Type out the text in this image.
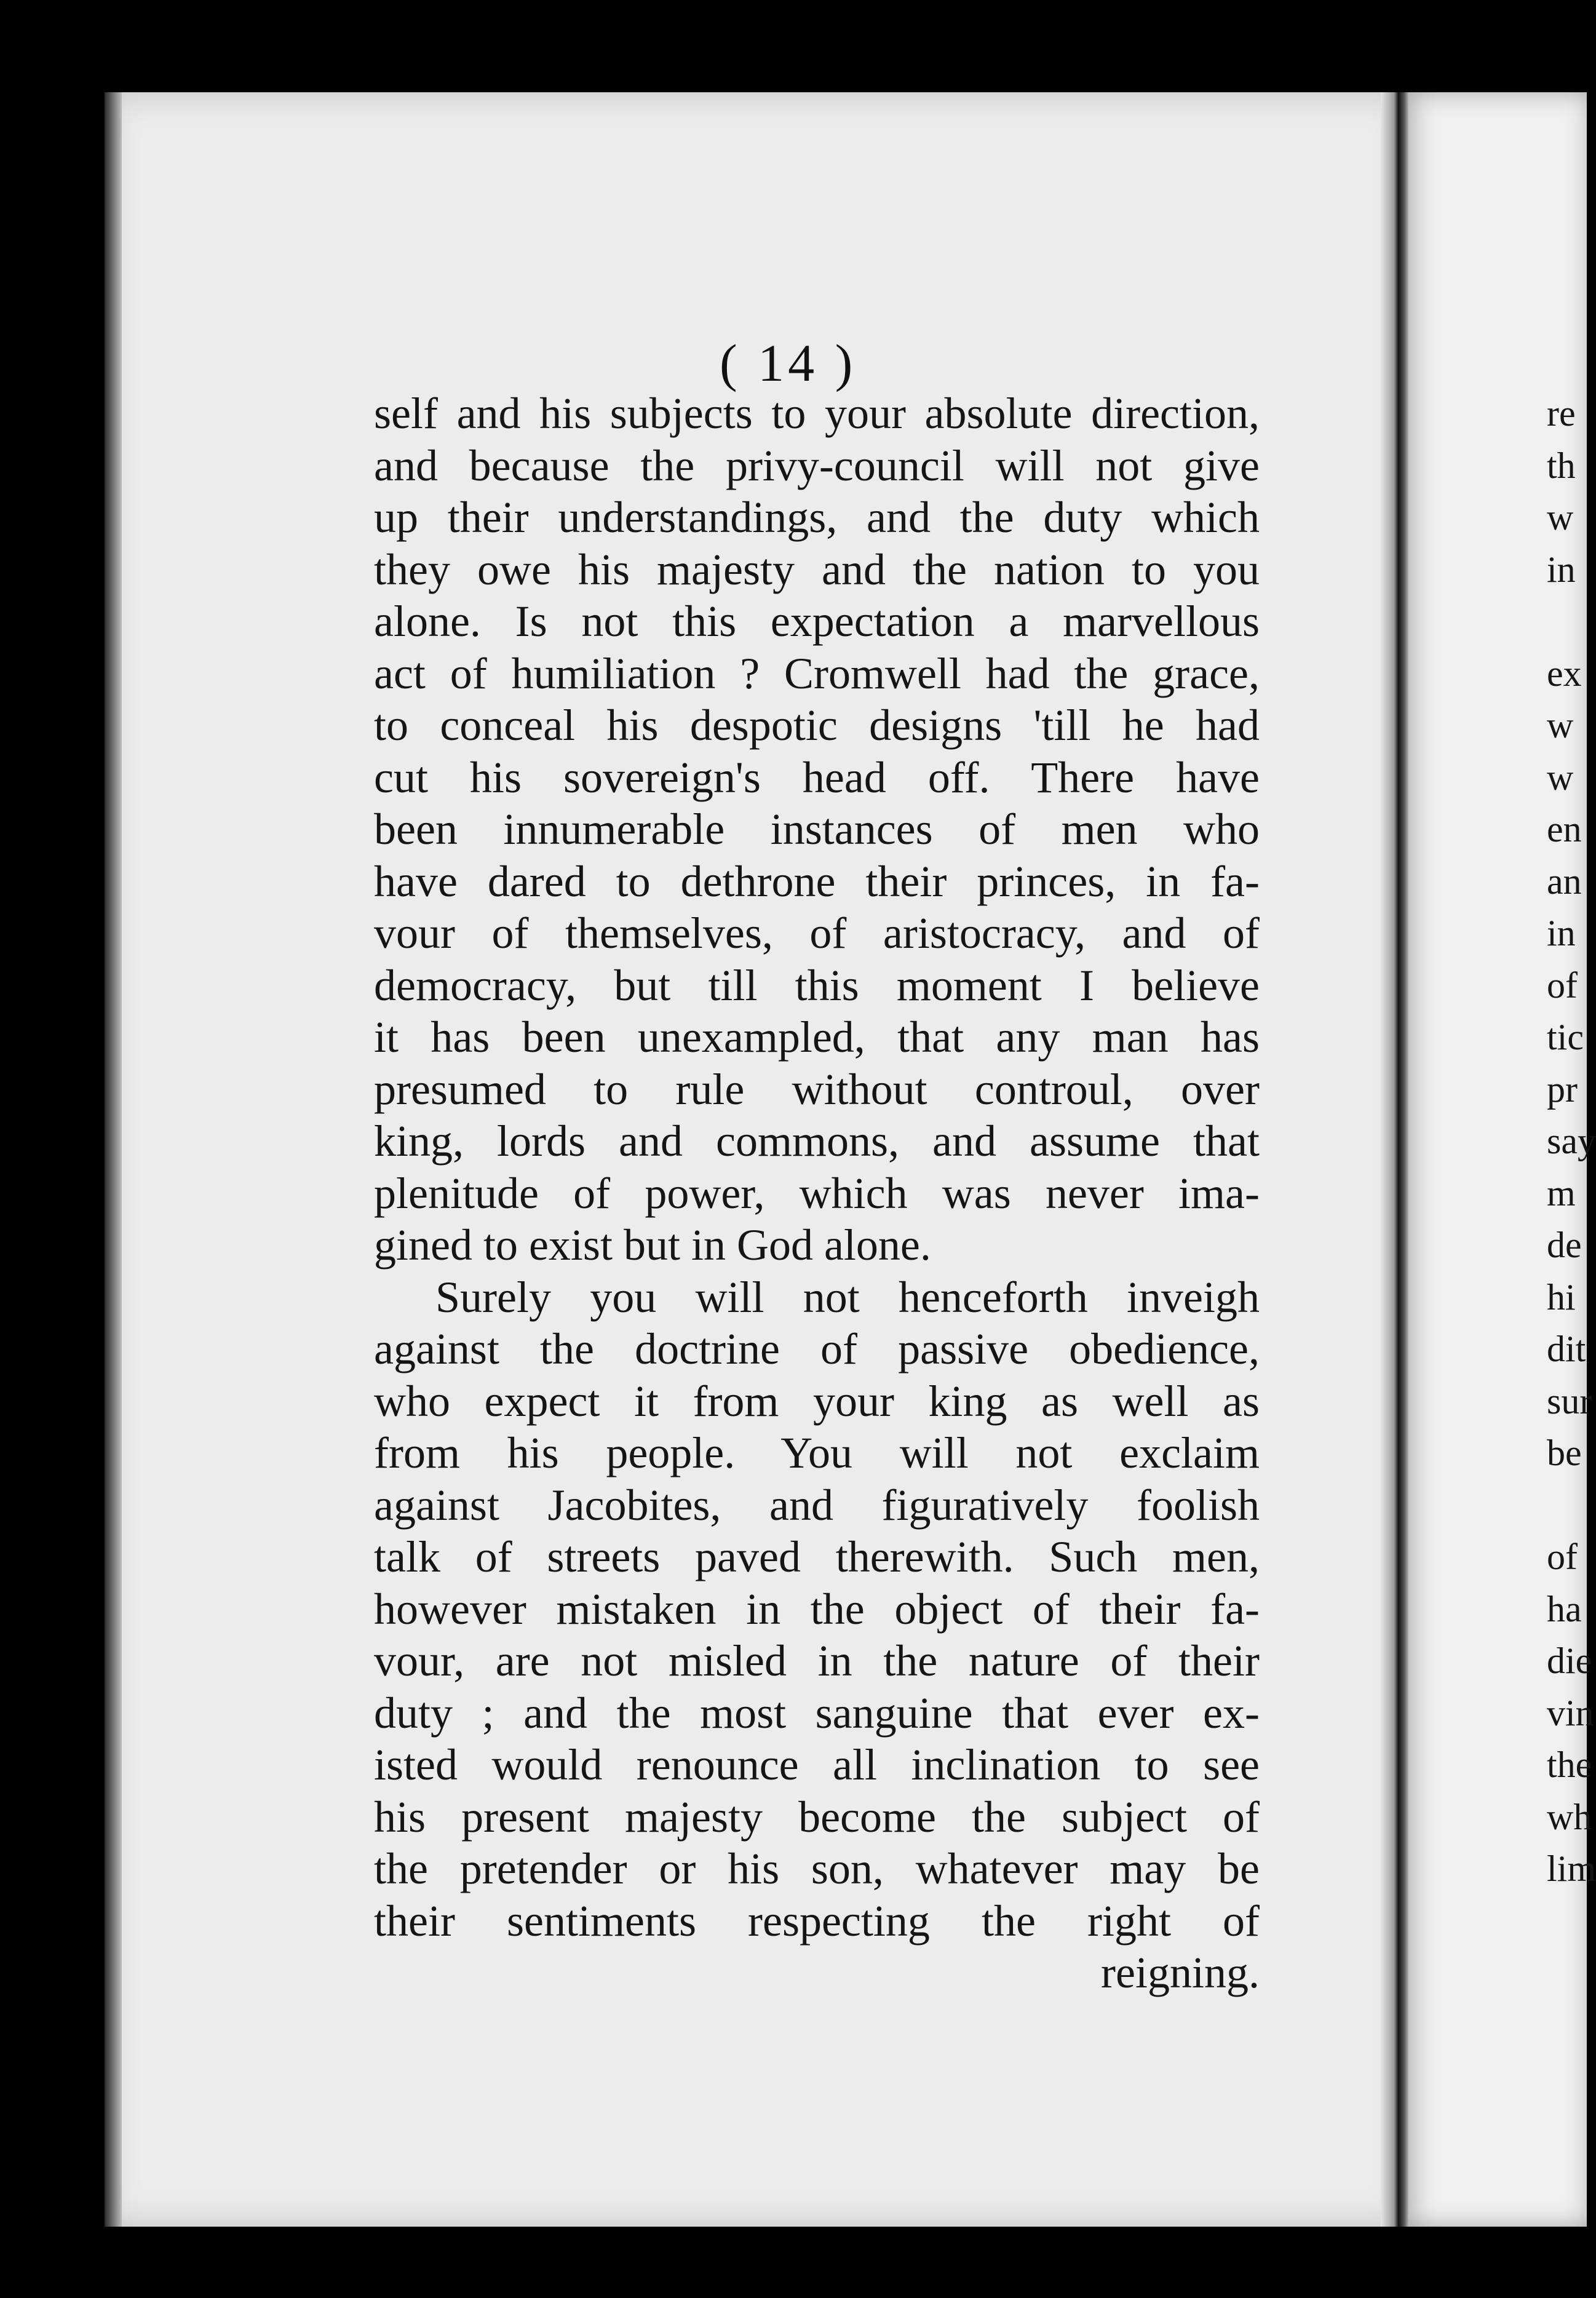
( 14 )
self and his subjects to your absolute direction,
and because the privy-council will not give
up their understandings, and the duty which
they owe his majesty and the nation to you
alone. Is not this expectation a marvellous
act of humiliation ? Cromwell had the grace,
to conceal his despotic designs 'till he had
cut his sovereign's head off. There have
been innumerable instances of men who
have dared to dethrone their princes, in fa-
vour of themselves, of aristocracy, and of
democracy, but till this moment I believe
it has been unexampled, that any man has
presumed to rule without controul, over
king, lords and commons, and assume that
plenitude of power, which was never ima-
gined to exist but in God alone.
Surely you will not henceforth inveigh
against the doctrine of passive obedience,
who expect it from your king as well as
from his people. You will not exclaim
against Jacobites, and figuratively foolish
talk of streets paved therewith. Such men,
however mistaken in the object of their fa-
vour, are not misled in the nature of their
duty ; and the most sanguine that ever ex-
isted would renounce all inclination to see
his present majesty become the subject of
the pretender or his son, whatever may be
their sentiments respecting the right of
reigning.
re
th
w
in
ex
w
w
en
an
in
of
tic
pr
say
m
de
hi
dit
sur
be
of
ha
die
vin
the
wh
lim
